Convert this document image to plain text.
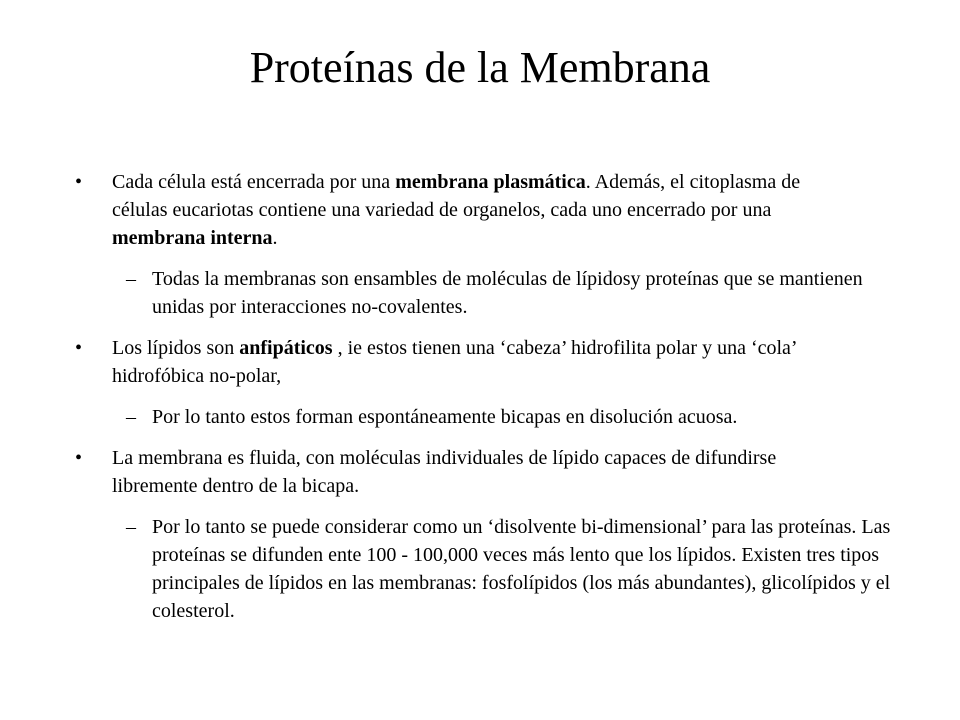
Proteínas de la Membrana
• Cada célula está encerrada por una membrana plasmática. Además, el citoplasma de células eucariotas contiene una variedad de organelos, cada uno encerrado por una membrana interna.
– Todas la membranas son ensambles de moléculas de lípidosy proteínas que se mantienen unidas por interacciones no-covalentes.
• Los lípidos son anfipáticos , ie estos tienen una ‘cabeza’ hidrofilita polar y una ‘cola’ hidrofóbica no-polar,
– Por lo tanto estos forman espontáneamente bicapas en disolución acuosa.
• La membrana es fluida, con moléculas individuales de lípido capaces de difundirse libremente dentro de la bicapa.
– Por lo tanto se puede considerar como un ‘disolvente bi-dimensional’ para las proteínas. Las proteínas se difunden ente 100 - 100,000 veces más lento que los lípidos. Existen tres tipos principales de lípidos en las membranas: fosfolípidos (los más abundantes), glicolípidos y el colesterol.
